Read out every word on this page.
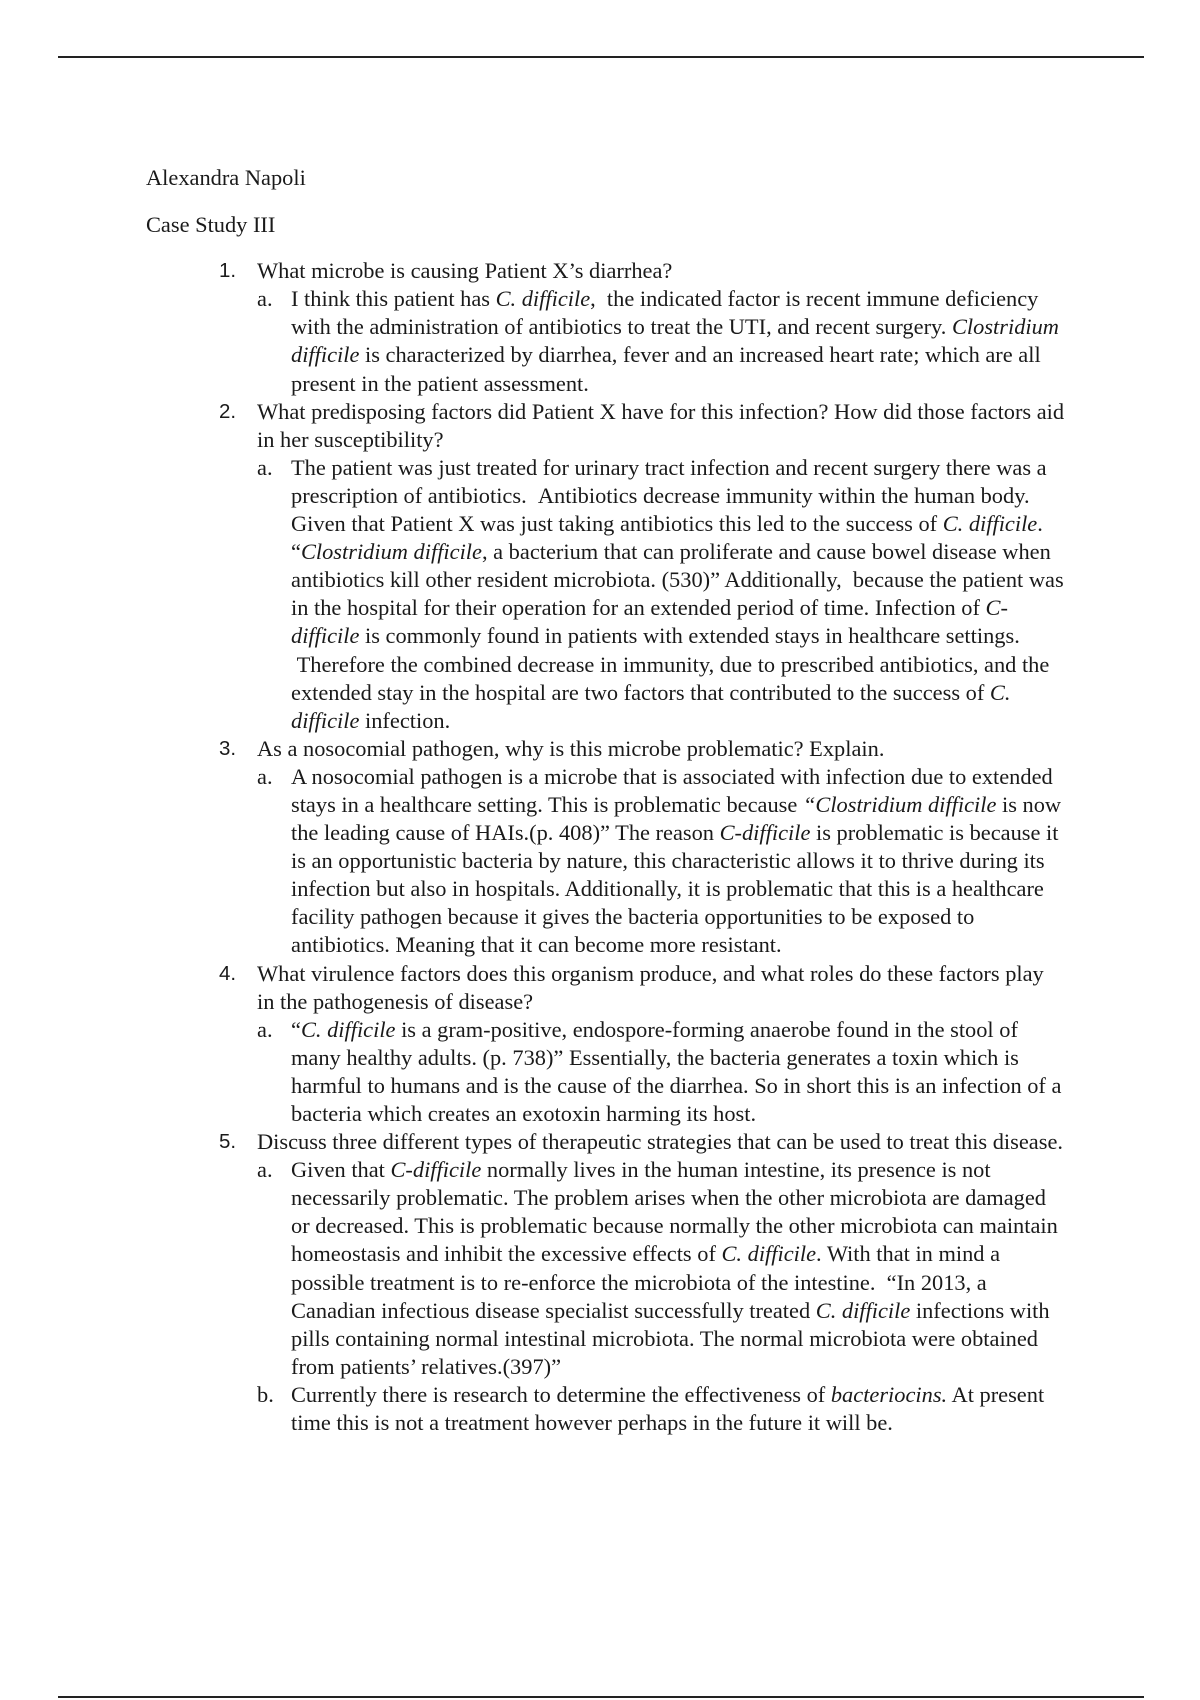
Alexandra Napoli

Case Study III

1. What microbe is causing Patient X’s diarrhea?
a. I think this patient has C. difficile,  the indicated factor is recent immune deficiency with the administration of antibiotics to treat the UTI, and recent surgery. Clostridium difficile is characterized by diarrhea, fever and an increased heart rate; which are all present in the patient assessment.
2. What predisposing factors did Patient X have for this infection? How did those factors aid in her susceptibility?
a. The patient was just treated for urinary tract infection and recent surgery there was a prescription of antibiotics.  Antibiotics decrease immunity within the human body. Given that Patient X was just taking antibiotics this led to the success of C. difficile. “Clostridium difficile, a bacterium that can proliferate and cause bowel disease when antibiotics kill other resident microbiota. (530)” Additionally,  because the patient was in the hospital for their operation for an extended period of time. Infection of C-difficile is commonly found in patients with extended stays in healthcare settings.  Therefore the combined decrease in immunity, due to prescribed antibiotics, and the extended stay in the hospital are two factors that contributed to the success of C. difficile infection.
3. As a nosocomial pathogen, why is this microbe problematic? Explain.
a. A nosocomial pathogen is a microbe that is associated with infection due to extended stays in a healthcare setting. This is problematic because “Clostridium difficile is now the leading cause of HAIs.(p. 408)” The reason C-difficile is problematic is because it is an opportunistic bacteria by nature, this characteristic allows it to thrive during its infection but also in hospitals. Additionally, it is problematic that this is a healthcare facility pathogen because it gives the bacteria opportunities to be exposed to antibiotics. Meaning that it can become more resistant.
4. What virulence factors does this organism produce, and what roles do these factors play in the pathogenesis of disease?
a. “C. difficile is a gram-positive, endospore-forming anaerobe found in the stool of many healthy adults. (p. 738)” Essentially, the bacteria generates a toxin which is harmful to humans and is the cause of the diarrhea. So in short this is an infection of a bacteria which creates an exotoxin harming its host.
5. Discuss three different types of therapeutic strategies that can be used to treat this disease.
a. Given that C-difficile normally lives in the human intestine, its presence is not necessarily problematic. The problem arises when the other microbiota are damaged or decreased. This is problematic because normally the other microbiota can maintain homeostasis and inhibit the excessive effects of C. difficile. With that in mind a possible treatment is to re-enforce the microbiota of the intestine.  “In 2013, a Canadian infectious disease specialist successfully treated C. difficile infections with pills containing normal intestinal microbiota. The normal microbiota were obtained from patients’ relatives.(397)”
b. Currently there is research to determine the effectiveness of bacteriocins. At present time this is not a treatment however perhaps in the future it will be.
